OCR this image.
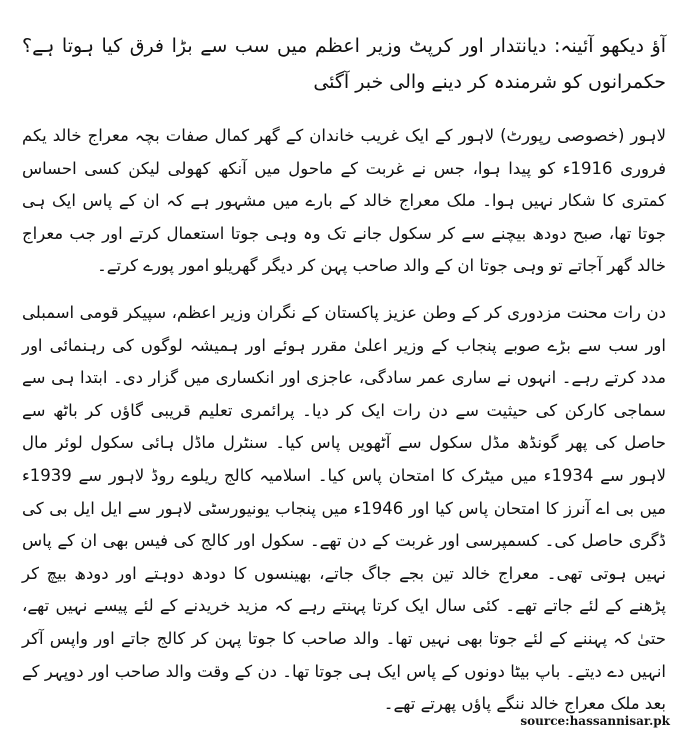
آؤ دیکھو آئینہ: دیانتدار اور کرپٹ وزیر اعظم میں سب سے بڑا فرق کیا ہوتا ہے؟ حکمرانوں کو شرمندہ کر دینے والی خبر آگئی

لاہور (خصوصی رپورٹ) لاہور کے ایک غریب خاندان کے گھر کمال صفات بچہ معراج خالد یکم فروری 1916ء کو پیدا ہوا، جس نے غربت کے ماحول میں آنکھ کھولی لیکن کسی احساس کمتری کا شکار نہیں ہوا۔ ملک معراج خالد کے بارے میں مشہور ہے کہ ان کے پاس ایک ہی جوتا تھا، صبح دودھ بیچنے سے کر سکول جانے تک وہ وہی جوتا استعمال کرتے اور جب معراج خالد گھر آجاتے تو وہی جوتا ان کے والد صاحب پہن کر دیگر گھریلو امور پورے کرتے۔

دن رات محنت مزدوری کر کے وطن عزیز پاکستان کے نگران وزیر اعظم، سپیکر قومی اسمبلی اور سب سے بڑے صوبے پنجاب کے وزیر اعلیٰ مقرر ہوئے اور ہمیشہ لوگوں کی رہنمائی اور مدد کرتے رہے۔ انہوں نے ساری عمر سادگی، عاجزی اور انکساری میں گزار دی۔ ابتدا ہی سے سماجی کارکن کی حیثیت سے دن رات ایک کر دیا۔ پرائمری تعلیم قریبی گاؤں کر باٹھ سے حاصل کی پھر گونڈھ مڈل سکول سے آٹھویں پاس کیا۔ سنٹرل ماڈل ہائی سکول لوئر مال لاہور سے 1934ء میں میٹرک کا امتحان پاس کیا۔ اسلامیہ کالج ریلوے روڈ لاہور سے 1939ء میں بی اے آنرز کا امتحان پاس کیا اور 1946ء میں پنجاب یونیورسٹی لاہور سے ایل ایل بی کی ڈگری حاصل کی۔ کسمپرسی اور غربت کے دن تھے۔ سکول اور کالج کی فیس بھی ان کے پاس نہیں ہوتی تھی۔ معراج خالد تین بجے جاگ جاتے، بھینسوں کا دودھ دوہتے اور دودھ بیچ کر پڑھنے کے لئے جاتے تھے۔ کئی سال ایک کرتا پہنتے رہے کہ مزید خریدنے کے لئے پیسے نہیں تھے، حتیٰ کہ پہننے کے لئے جوتا بھی نہیں تھا۔ والد صاحب کا جوتا پہن کر کالج جاتے اور واپس آکر انہیں دے دیتے۔ باپ بیٹا دونوں کے پاس ایک ہی جوتا تھا۔ دن کے وقت والد صاحب اور دوپہر کے بعد ملک معراج خالد ننگے پاؤں پھرتے تھے۔

source:hassannisar.pk
